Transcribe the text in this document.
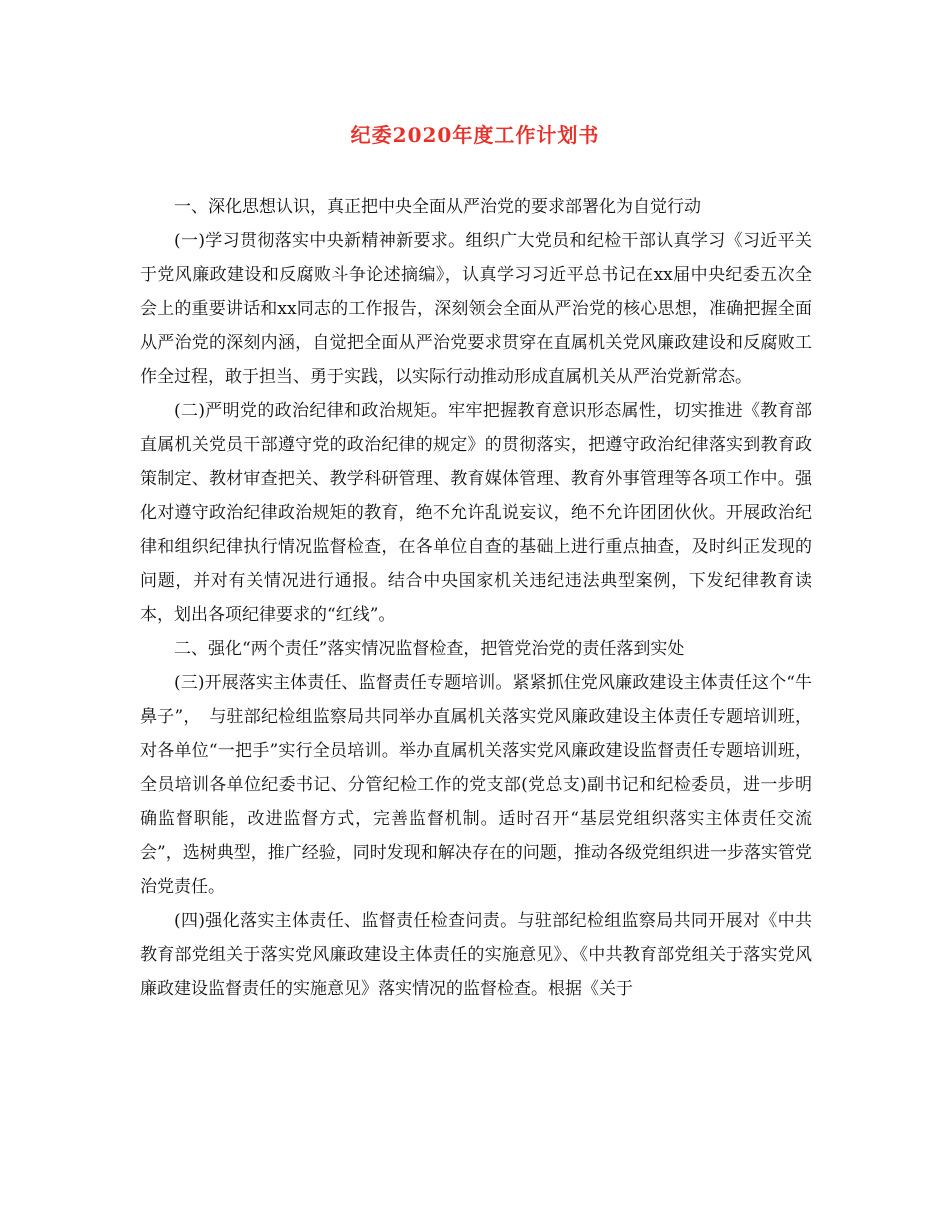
纪委2020年度工作计划书

一、深化思想认识，真正把中央全面从严治党的要求部署化为自觉行动

(一)学习贯彻落实中央新精神新要求。组织广大党员和纪检干部认真学习《习近平关于党风廉政建设和反腐败斗争论述摘编》，认真学习习近平总书记在xx届中央纪委五次全会上的重要讲话和xx同志的工作报告，深刻领会全面从严治党的核心思想，准确把握全面从严治党的深刻内涵，自觉把全面从严治党要求贯穿在直属机关党风廉政建设和反腐败工作全过程，敢于担当、勇于实践，以实际行动推动形成直属机关从严治党新常态。

(二)严明党的政治纪律和政治规矩。牢牢把握教育意识形态属性，切实推进《教育部直属机关党员干部遵守党的政治纪律的规定》的贯彻落实，把遵守政治纪律落实到教育政策制定、教材审查把关、教学科研管理、教育媒体管理、教育外事管理等各项工作中。强化对遵守政治纪律政治规矩的教育，绝不允许乱说妄议，绝不允许团团伙伙。开展政治纪律和组织纪律执行情况监督检查，在各单位自查的基础上进行重点抽查，及时纠正发现的问题，并对有关情况进行通报。结合中央国家机关违纪违法典型案例，下发纪律教育读本，划出各项纪律要求的“红线”。

二、强化“两个责任”落实情况监督检查，把管党治党的责任落到实处

(三)开展落实主体责任、监督责任专题培训。紧紧抓住党风廉政建设主体责任这个“牛鼻子”，　与驻部纪检组监察局共同举办直属机关落实党风廉政建设主体责任专题培训班，对各单位“一把手”实行全员培训。举办直属机关落实党风廉政建设监督责任专题培训班，全员培训各单位纪委书记、分管纪检工作的党支部(党总支)副书记和纪检委员，进一步明确监督职能，改进监督方式，完善监督机制。适时召开“基层党组织落实主体责任交流会”，选树典型，推广经验，同时发现和解决存在的问题，推动各级党组织进一步落实管党治党责任。

(四)强化落实主体责任、监督责任检查问责。与驻部纪检组监察局共同开展对《中共教育部党组关于落实党风廉政建设主体责任的实施意见》、《中共教育部党组关于落实党风廉政建设监督责任的实施意见》落实情况的监督检查。根据《关于
